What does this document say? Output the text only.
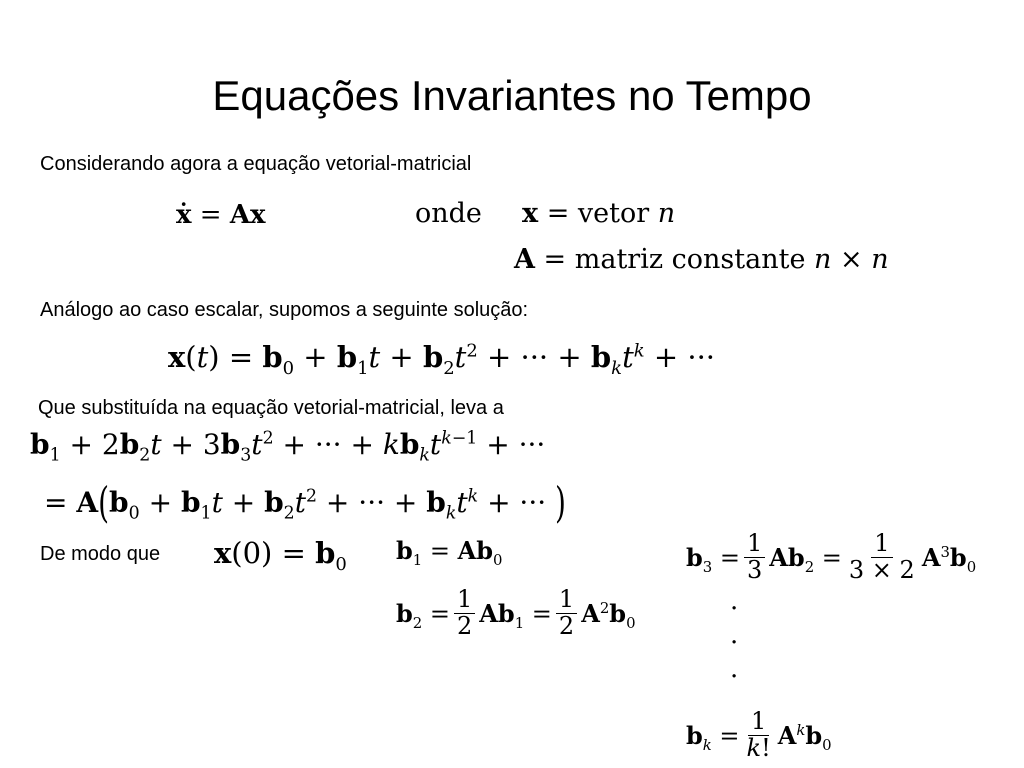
Equações Invariantes no Tempo
Considerando agora a equação vetorial-matricial
ẋ = Ax	onde x = vetor n
A = matriz constante n × n
Análogo ao caso escalar, supomos a seguinte solução:
$x(t) = b_0 + b_1t + b_2t^2$ + ··· + $b_kt^k$ + ···
Que substituída na equação vetorial-matricial, leva a
$b_1 + 2b_2t + 3b_3t^2$ + ··· + $kb_kt^{k-1}$ + ···
= $A(b_0 + b_1t + b_2t^2$ + ··· + $b_kt^k$ + ··· )
De modo que $x(0) = b_0$ $b_1 = Ab_0$
$b_2 = \frac{1}{2} Ab_1 = \frac{1}{2} A^2b_0$
$b_3 = \frac{1}{3} Ab_2 = \frac{1}{3 \times 2} A^3b_0$
·
·
·
$b_k = \frac{1}{k!} A^kb_0$
